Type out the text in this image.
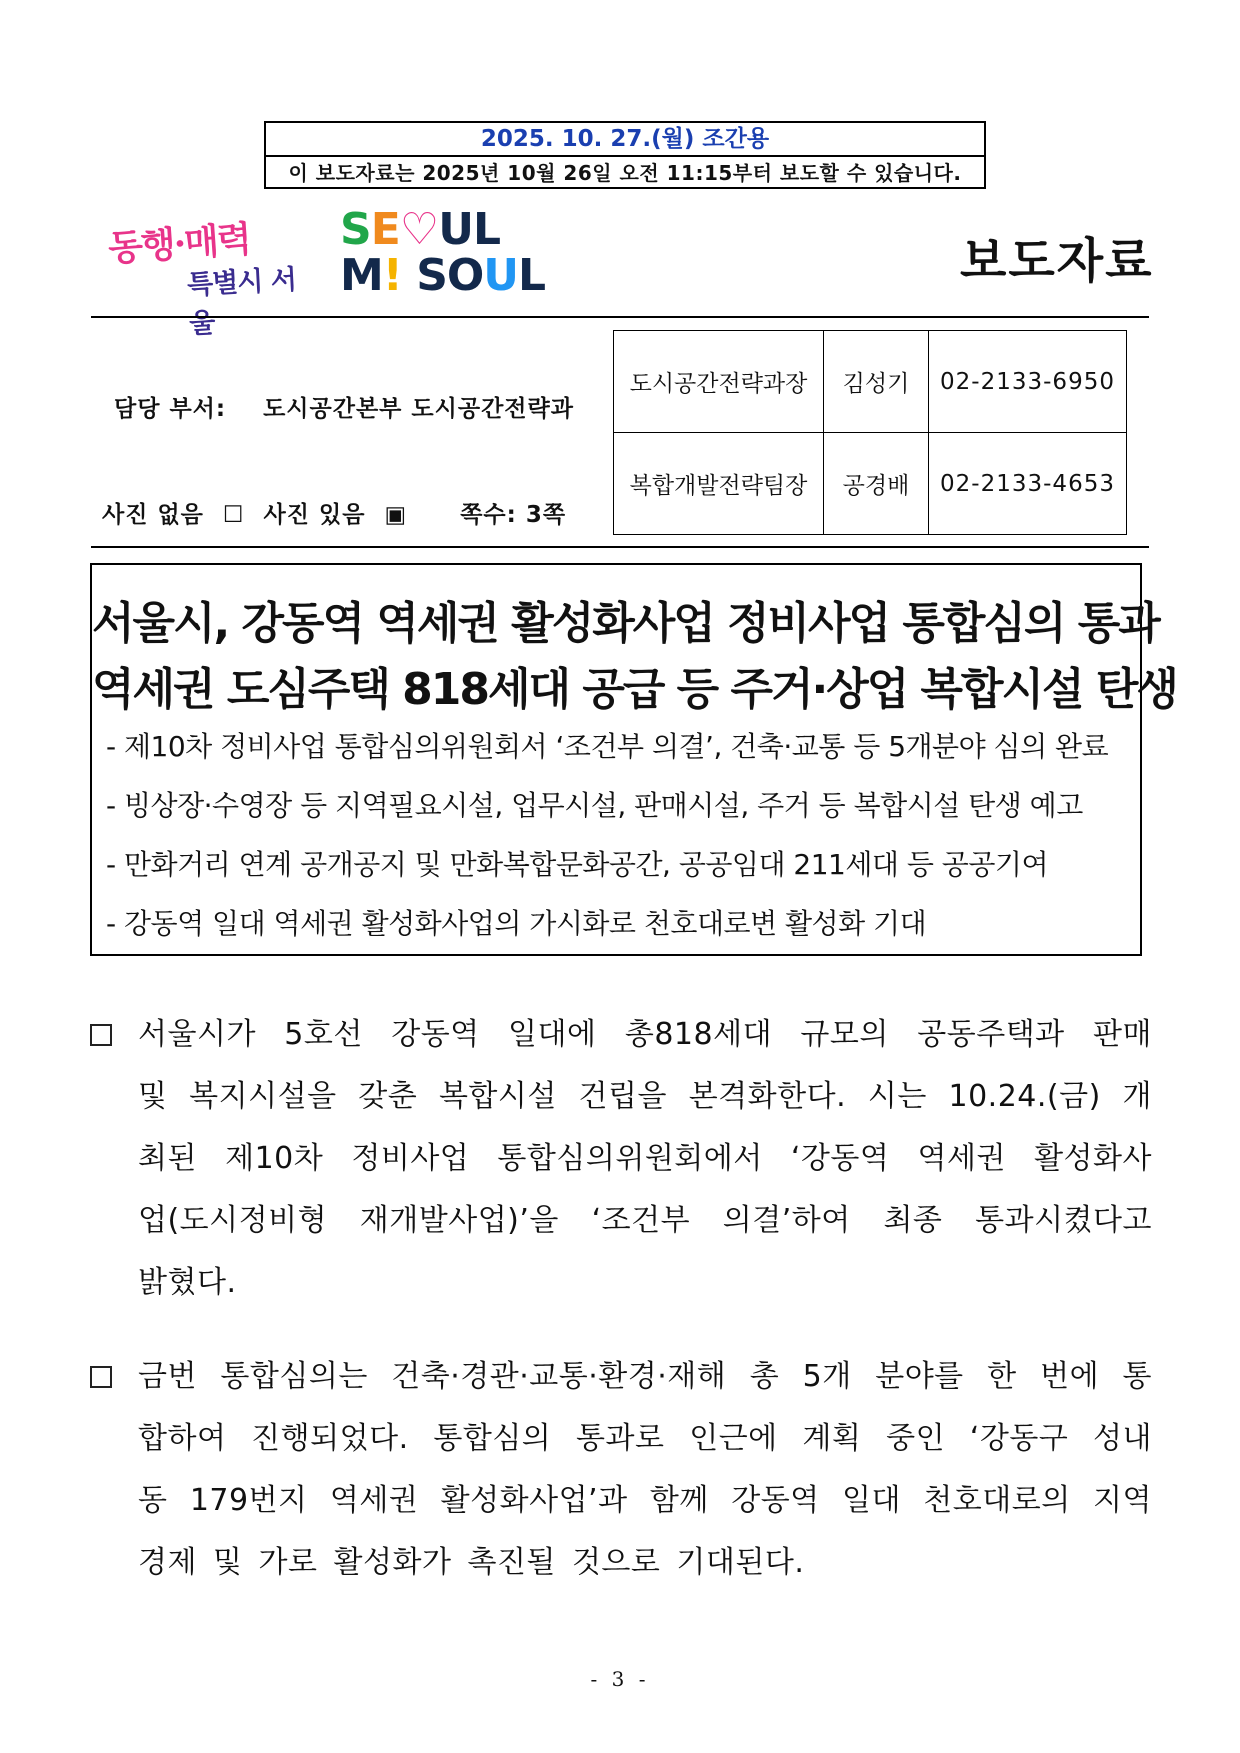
2025. 10. 27.(월) 조간용
이 보도자료는 2025년 10월 26일 오전 11:15부터 보도할 수 있습니다.
동행·매력
특별시 서울
SE♡UL
M! SOUL	보도자료
담당 부서: 도시공간본부 도시공간전략과
사진 없음 ☐ 사진 있음 ▣ 쪽수: 3쪽
도시공간전략과장	김성기	02-2133-6950
복합개발전략팀장	공경배	02-2133-4653
서울시, 강동역 역세권 활성화사업 정비사업 통합심의 통과
역세권 도심주택 818세대 공급 등 주거·상업 복합시설 탄생
- 제10차 정비사업 통합심의위원회서 ‘조건부 의결’, 건축·교통 등 5개분야 심의 완료
- 빙상장·수영장 등 지역필요시설, 업무시설, 판매시설, 주거 등 복합시설 탄생 예고
- 만화거리 연계 공개공지 및 만화복합문화공간, 공공임대 211세대 등 공공기여
- 강동역 일대 역세권 활성화사업의 가시화로 천호대로변 활성화 기대
서울시가 5호선 강동역 일대에 총818세대 규모의 공동주택과 판매
및 복지시설을 갖춘 복합시설 건립을 본격화한다. 시는 10.24.(금) 개
최된 제10차 정비사업 통합심의위원회에서 ‘강동역 역세권 활성화사
업(도시정비형 재개발사업)’을 ‘조건부 의결’하여 최종 통과시켰다고
밝혔다.
금번 통합심의는 건축·경관·교통·환경·재해 총 5개 분야를 한 번에 통
합하여 진행되었다. 통합심의 통과로 인근에 계획 중인 ‘강동구 성내
동 179번지 역세권 활성화사업’과 함께 강동역 일대 천호대로의 지역
경제 및 가로 활성화가 촉진될 것으로 기대된다.
- 3 -
